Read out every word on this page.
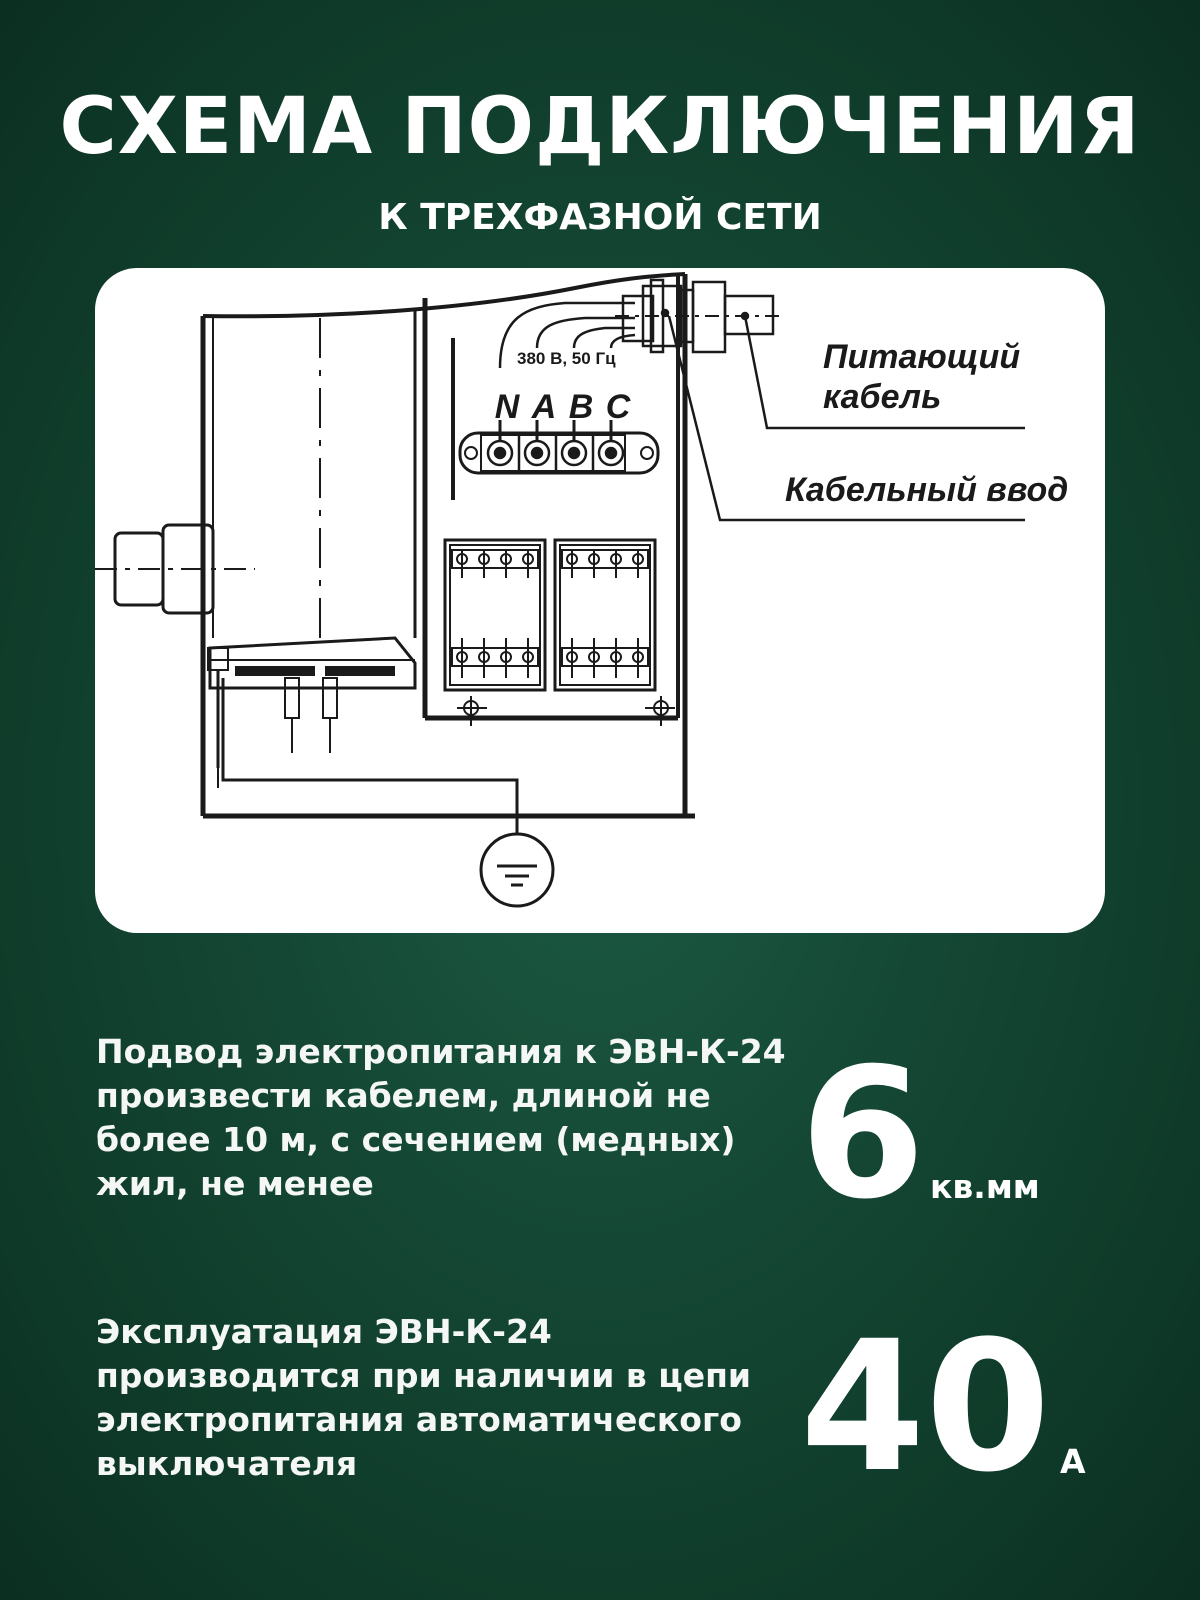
СХЕМА ПОДКЛЮЧЕНИЯ
К ТРЕХФАЗНОЙ СЕТИ
380 В, 50 Гц
N A B C
Питающий
кабель
Кабельный ввод
Подвод электропитания к ЭВН-К-24 произвести кабелем, длиной не более 10 м, с сечением (медных) жил, не менее	6 кв.мм
Эксплуатация ЭВН-К-24 производится при наличии в цепи электропитания автоматического выключателя	40 А
